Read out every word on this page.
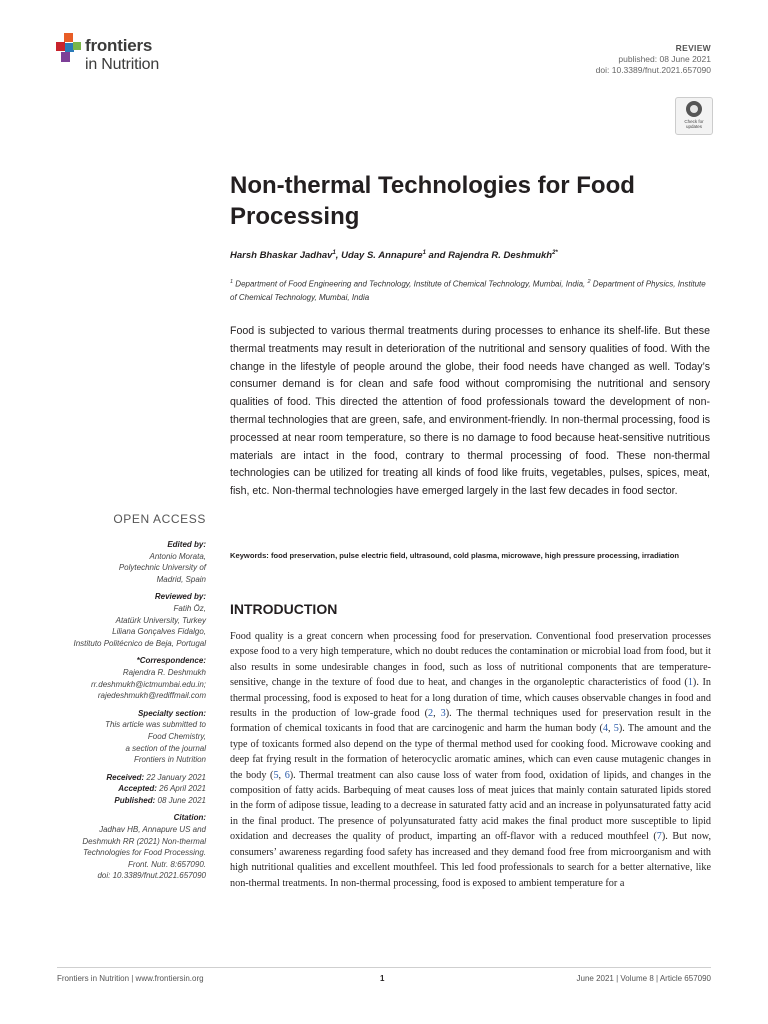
frontiers
in Nutrition
REVIEW
published: 08 June 2021
doi: 10.3389/fnut.2021.657090
Check for updates
Non-thermal Technologies for Food Processing
Harsh Bhaskar Jadhav$^1$, Uday S. Annapure$^1$ and Rajendra R. Deshmukh$^{2*}$
$^1$ Department of Food Engineering and Technology, Institute of Chemical Technology, Mumbai, India, $^2$ Department of Physics, Institute of Chemical Technology, Mumbai, India
Food is subjected to various thermal treatments during processes to enhance its shelf-life. But these thermal treatments may result in deterioration of the nutritional and sensory qualities of food. With the change in the lifestyle of people around the globe, their food needs have changed as well. Today’s consumer demand is for clean and safe food without compromising the nutritional and sensory qualities of food. This directed the attention of food professionals toward the development of non-thermal technologies that are green, safe, and environment-friendly. In non-thermal processing, food is processed at near room temperature, so there is no damage to food because heat-sensitive nutritious materials are intact in the food, contrary to thermal processing of food. These non-thermal technologies can be utilized for treating all kinds of food like fruits, vegetables, pulses, spices, meat, fish, etc. Non-thermal technologies have emerged largely in the last few decades in food sector.
Keywords: food preservation, pulse electric field, ultrasound, cold plasma, microwave, high pressure processing, irradiation
INTRODUCTION
Food quality is a great concern when processing food for preservation. Conventional food preservation processes expose food to a very high temperature, which no doubt reduces the contamination or microbial load from food, but it also results in some undesirable changes in food, such as loss of nutritional components that are temperature-sensitive, change in the texture of food due to heat, and changes in the organoleptic characteristics of food (1). In thermal processing, food is exposed to heat for a long duration of time, which causes observable changes in food and results in the production of low-grade food (2, 3). The thermal techniques used for preservation result in the formation of chemical toxicants in food that are carcinogenic and harm the human body (4, 5). The amount and the type of toxicants formed also depend on the type of thermal method used for cooking food. Microwave cooking and deep fat frying result in the formation of heterocyclic aromatic amines, which can even cause mutagenic changes in the body (5, 6). Thermal treatment can also cause loss of water from food, oxidation of lipids, and changes in the composition of fatty acids. Barbequing of meat causes loss of meat juices that mainly contain saturated lipids stored in the form of adipose tissue, leading to a decrease in saturated fatty acid and an increase in polyunsaturated fatty acid in the final product. The presence of polyunsaturated fatty acid makes the final product more susceptible to lipid oxidation and decreases the quality of product, imparting an off-flavor with a reduced mouthfeel (7). But now, consumers’ awareness regarding food safety has increased and they demand food free from microorganism and with high nutritional qualities and excellent mouthfeel. This led food professionals to search for a better alternative, like non-thermal treatments. In non-thermal processing, food is exposed to ambient temperature for a
OPEN ACCESS
Edited by:
Antonio Morata,
Polytechnic University of
Madrid, Spain
Reviewed by:
Fatih Öz,
Atatürk University, Turkey
Liliana Gonçalves Fidalgo,
Instituto Politécnico de Beja, Portugal
*Correspondence:
Rajendra R. Deshmukh
rr.deshmukh@ictmumbai.edu.in;
rajedeshmukh@rediffmail.com
Specialty section:
This article was submitted to
Food Chemistry,
a section of the journal
Frontiers in Nutrition
Received: 22 January 2021
Accepted: 26 April 2021
Published: 08 June 2021
Citation:
Jadhav HB, Annapure US and
Deshmukh RR (2021) Non-thermal
Technologies for Food Processing.
Front. Nutr. 8:657090.
doi: 10.3389/fnut.2021.657090
Frontiers in Nutrition | www.frontiersin.org	1	June 2021 | Volume 8 | Article 657090
